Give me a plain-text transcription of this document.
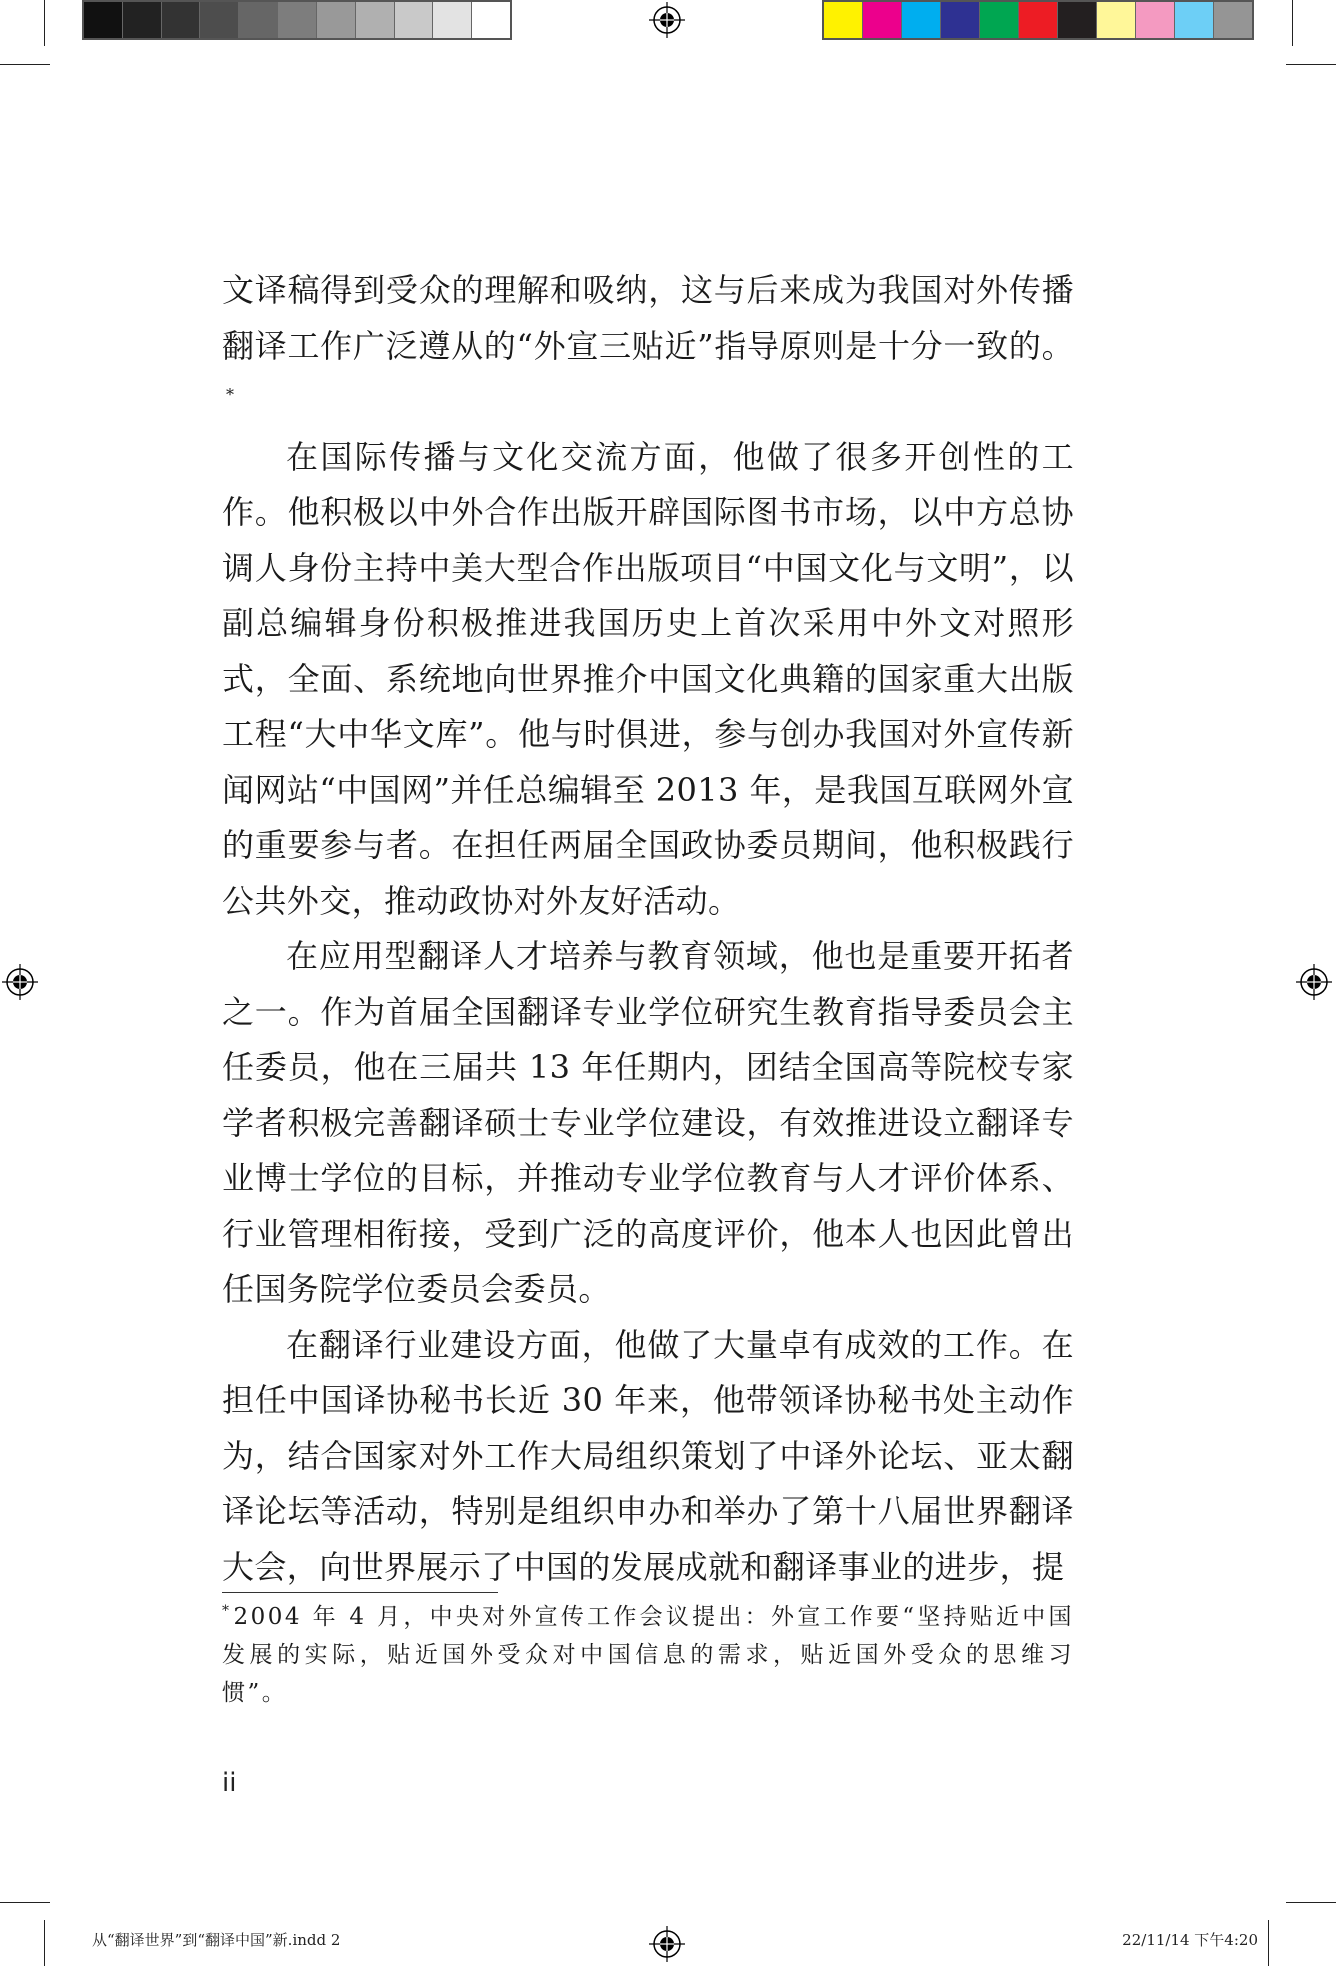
文译稿得到受众的理解和吸纳，这与后来成为我国对外传播翻译工作广泛遵从的“外宣三贴近”指导原则是十分一致的。*

在国际传播与文化交流方面，他做了很多开创性的工作。他积极以中外合作出版开辟国际图书市场，以中方总协调人身份主持中美大型合作出版项目“中国文化与文明”，以副总编辑身份积极推进我国历史上首次采用中外文对照形式，全面、系统地向世界推介中国文化典籍的国家重大出版工程“大中华文库”。他与时俱进，参与创办我国对外宣传新闻网站“中国网”并任总编辑至 2013 年，是我国互联网外宣的重要参与者。在担任两届全国政协委员期间，他积极践行公共外交，推动政协对外友好活动。

在应用型翻译人才培养与教育领域，他也是重要开拓者之一。作为首届全国翻译专业学位研究生教育指导委员会主任委员，他在三届共 13 年任期内，团结全国高等院校专家学者积极完善翻译硕士专业学位建设，有效推进设立翻译专业博士学位的目标，并推动专业学位教育与人才评价体系、行业管理相衔接，受到广泛的高度评价，他本人也因此曾出任国务院学位委员会委员。

在翻译行业建设方面，他做了大量卓有成效的工作。在担任中国译协秘书长近 30 年来，他带领译协秘书处主动作为，结合国家对外工作大局组织策划了中译外论坛、亚太翻译论坛等活动，特别是组织申办和举办了第十八届世界翻译大会，向世界展示了中国的发展成就和翻译事业的进步，提

*2004 年 4 月，中央对外宣传工作会议提出：外宣工作要“坚持贴近中国发展的实际，贴近国外受众对中国信息的需求，贴近国外受众的思维习惯”。

ii
从“翻译世界”到“翻译中国”新.indd 2	22/11/14 下午4:20
